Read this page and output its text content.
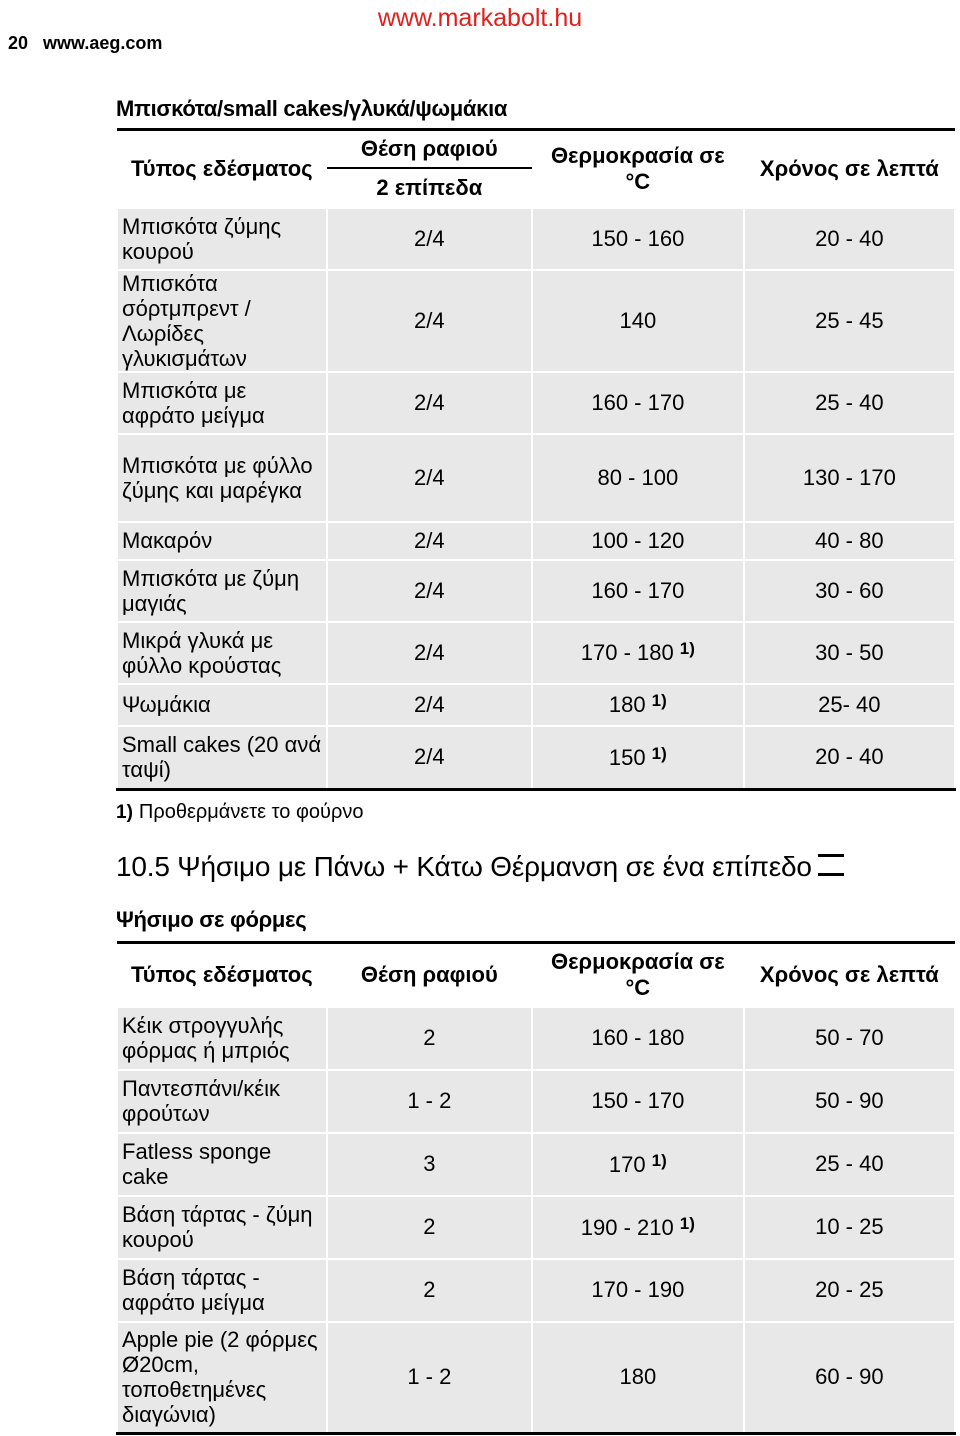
www.markabolt.hu
20 www.aeg.com
Μπισκότα/small cakes/γλυκά/ψωμάκια
Τύπος εδέσματος	Θέση ραφιού	Θερμοκρασία σε °C	Χρόνος σε λεπτά
	2 επίπεδα		
Μπισκότα ζύμης κουρού	2/4	150 - 160	20 - 40
Μπισκότα σόρτμπρεντ / Λωρίδες γλυκισμάτων	2/4	140	25 - 45
Μπισκότα με αφράτο μείγμα	2/4	160 - 170	25 - 40
Μπισκότα με φύλλο ζύμης και μαρέγκα	2/4	80 - 100	130 - 170
Μακαρόν	2/4	100 - 120	40 - 80
Μπισκότα με ζύμη μαγιάς	2/4	160 - 170	30 - 60
Μικρά γλυκά με φύλλο κρούστας	2/4	170 - 180 $^{1)}$	30 - 50
Ψωμάκια	2/4	180 $^{1)}$	25- 40
Small cakes (20 ανά ταψί)	2/4	150 $^{1)}$	20 - 40
1) Προθερμάνετε το φούρνο
10.5 Ψήσιμο με Πάνω + Κάτω Θέρμανση σε ένα επίπεδο
Ψήσιμο σε φόρμες
Τύπος εδέσματος	Θέση ραφιού	Θερμοκρασία σε °C	Χρόνος σε λεπτά
Κέικ στρογγυλής φόρμας ή μπριός	2	160 - 180	50 - 70
Παντεσπάνι/κέικ φρούτων	1 - 2	150 - 170	50 - 90
Fatless sponge cake	3	170 $^{1)}$	25 - 40
Βάση τάρτας - ζύμη κουρού	2	190 - 210 $^{1)}$	10 - 25
Βάση τάρτας - αφράτο μείγμα	2	170 - 190	20 - 25
Apple pie (2 φόρμες Ø20cm, τοποθετημένες διαγώνια)	1 - 2	180	60 - 90
